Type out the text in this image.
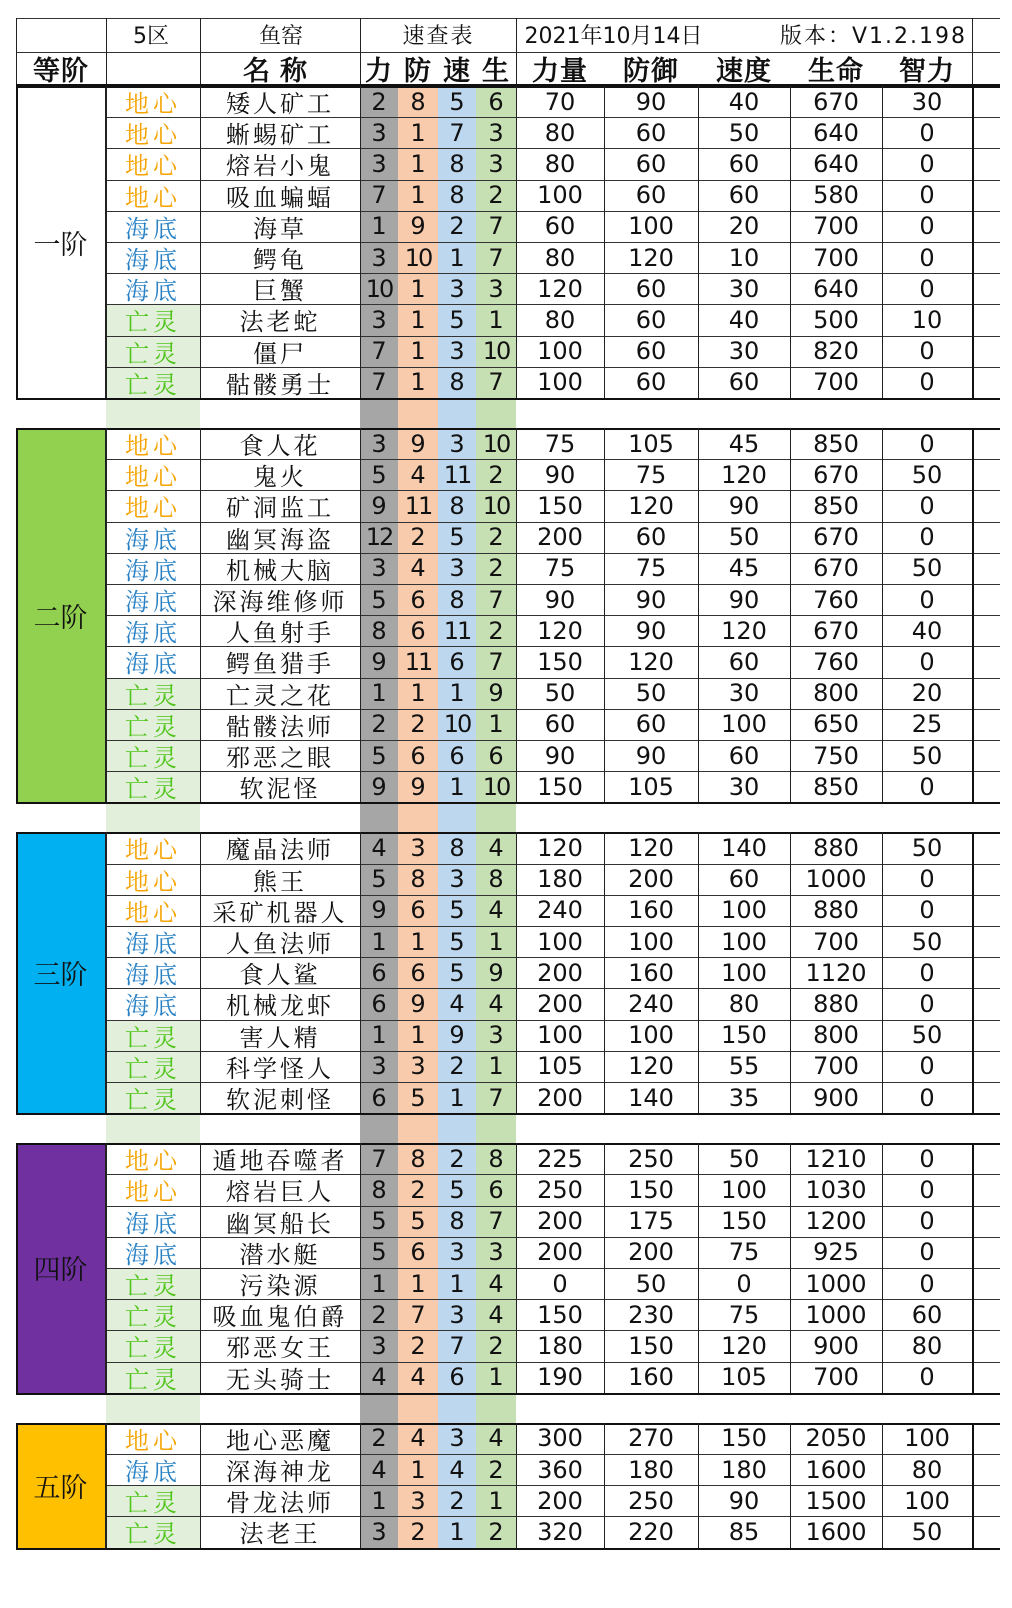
5区	鱼窑	速查表	2021年10月14日	版本：V1.2.198
等阶	名称	力 防 速 生 力量	防御	速度	生命	智力
一阶
地心	矮人矿工	2 8 5 6	70	90	40	670	30
地心	蜥蜴矿工	3 1 7 3	80	60	50	640	0
地心	熔岩小鬼	3 1 8 3	80	60	60	640	0
地心	吸血蝙蝠	7 1 8 2	100	60	60	580	0
海底	海草	1 9 2 7	60	100	20	700	0
海底	鳄龟	3 10 1 7	80	120	10	700	0
海底	巨蟹	10 1 3 3	120	60	30	640	0
亡灵	法老蛇	3 1 5 1	80	60	40	500	10
亡灵	僵尸	7 1 3 10	100	60	30	820	0
亡灵	骷髅勇士	7 1 8 7	100	60	60	700	0
二阶
地心	食人花	3 9 3 10	75	105	45	850	0
地心	鬼火	5 4 11 2	90	75	120	670	50
地心	矿洞监工	9 11 8 10	150	120	90	850	0
海底	幽冥海盗	12 2 5 2	200	60	50	670	0
海底	机械大脑	3 4 3 2	75	75	45	670	50
海底	深海维修师 5 6 8 7	90	90	90	760	0
海底	人鱼射手	8 6 11 2	120	90	120	670	40
海底	鳄鱼猎手	9 11 6 7	150	120	60	760	0
亡灵	亡灵之花	1 1 1 9	50	50	30	800	20
亡灵	骷髅法师	2 2 10 1	60	60	100	650	25
亡灵	邪恶之眼	5 6 6 6	90	90	60	750	50
亡灵	软泥怪	9 9 1 10	150	105	30	850	0
三阶
地心	魔晶法师	4 3 8 4	120	120	140	880	50
地心	熊王	5 8 3 8	180	200	60	1000	0
地心	采矿机器人 9 6 5 4	240	160	100	880	0
海底	人鱼法师	1 1 5 1	100	100	100	700	50
海底	食人鲨	6 6 5 9	200	160	100	1120	0
海底	机械龙虾	6 9 4 4	200	240	80	880	0
亡灵	害人精	1 1 9 3	100	100	150	800	50
亡灵	科学怪人	3 3 2 1	105	120	55	700	0
亡灵	软泥刺怪	6 5 1 7	200	140	35	900	0
四阶
地心	遁地吞噬者 7 8 2 8	225	250	50	1210	0
地心	熔岩巨人	8 2 5 6	250	150	100	1030	0
海底	幽冥船长	5 5 8 7	200	175	150	1200	0
海底	潜水艇	5 6 3 3	200	200	75	925	0
亡灵	污染源	1 1 1 4	0	50	0	1000	0
亡灵	吸血鬼伯爵 2 7 3 4	150	230	75	1000	60
亡灵	邪恶女王	3 2 7 2	180	150	120	900	80
亡灵	无头骑士	4 4 6 1	190	160	105	700	0
五阶
地心	地心恶魔	2 4 3 4	300	270	150	2050	100
海底	深海神龙	4 1 4 2	360	180	180	1600	80
亡灵	骨龙法师	1 3 2 1	200	250	90	1500	100
亡灵	法老王	3 2 1 2	320	220	85	1600	50
